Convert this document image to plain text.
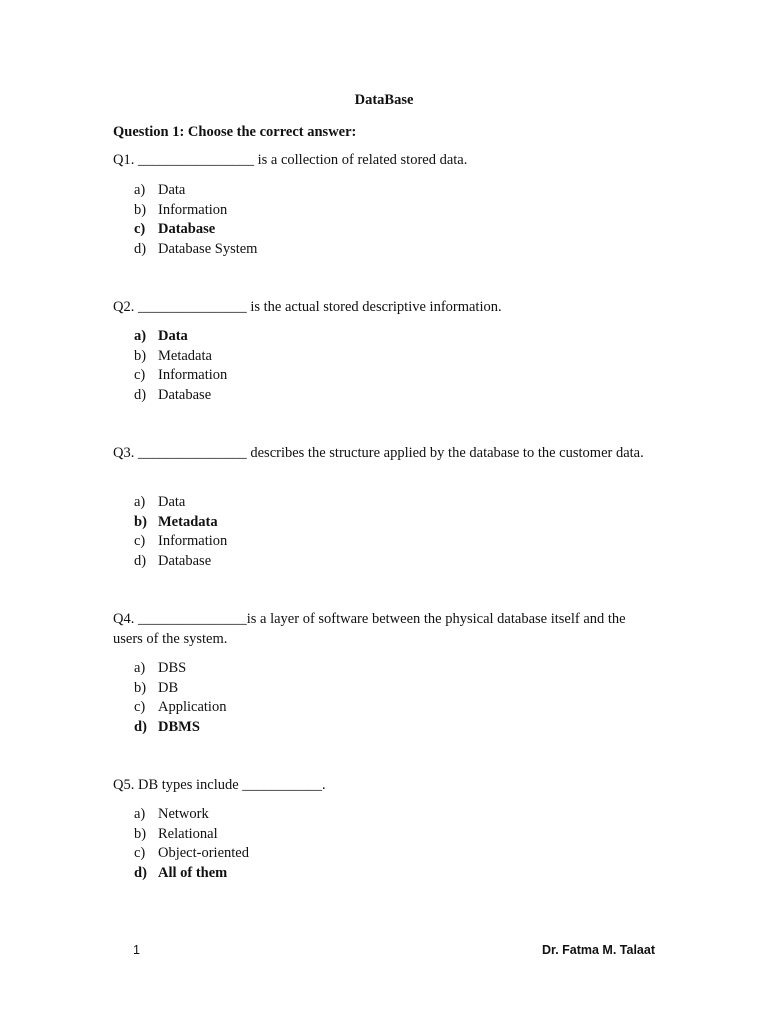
DataBase
Question 1: Choose the correct answer:
Q1. ________________ is a collection of related stored data.
a) Data
b) Information
c) Database
d) Database System
Q2. _______________ is the actual stored descriptive information.
a) Data
b) Metadata
c) Information
d) Database
Q3. _______________ describes the structure applied by the database to the customer data.
a) Data
b) Metadata
c) Information
d) Database
Q4. _______________is a layer of software between the physical database itself and the users of the system.
a) DBS
b) DB
c) Application
d) DBMS
Q5. DB types include ___________.
a) Network
b) Relational
c) Object-oriented
d) All of them
1	Dr. Fatma M. Talaat
